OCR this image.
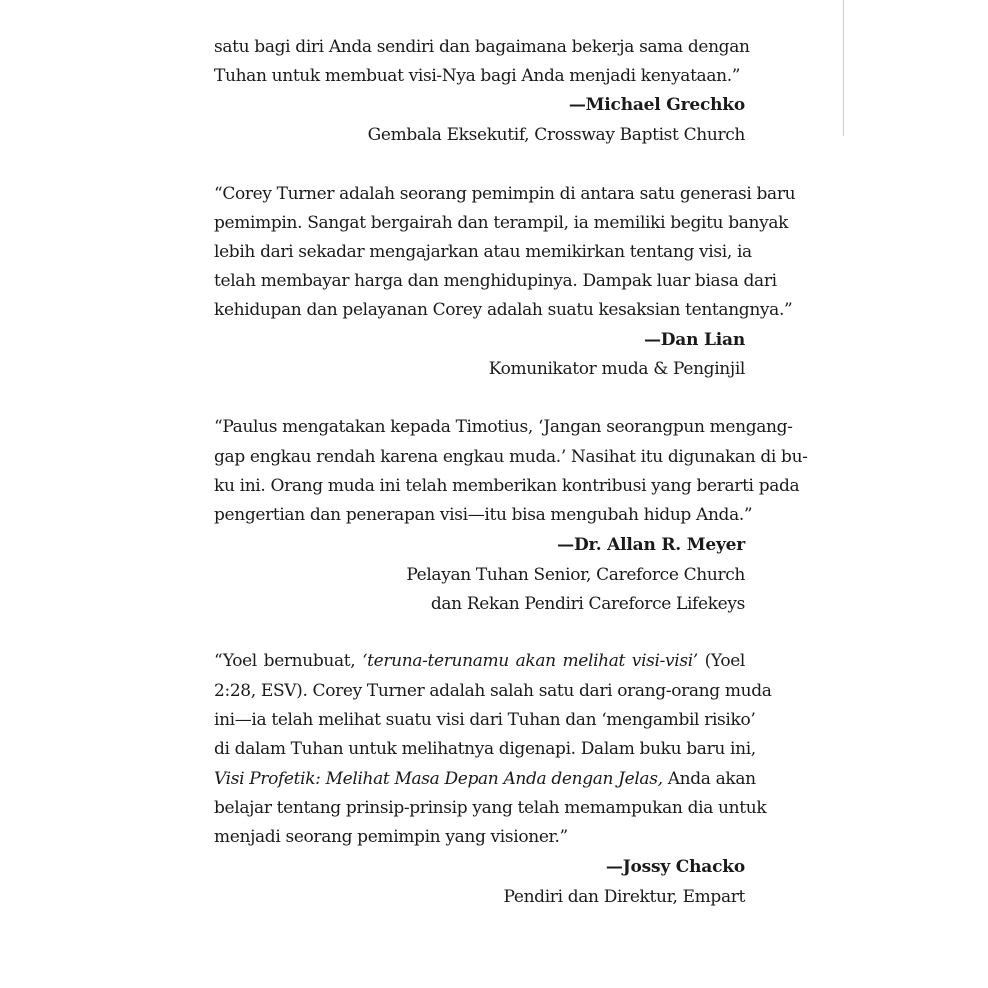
satu bagi diri Anda sendiri dan bagaimana bekerja sama dengan
Tuhan untuk membuat visi-Nya bagi Anda menjadi kenyataan.”
—Michael Grechko
Gembala Eksekutif, Crossway Baptist Church
“Corey Turner adalah seorang pemimpin di antara satu generasi baru
pemimpin. Sangat bergairah dan terampil, ia memiliki begitu banyak
lebih dari sekadar mengajarkan atau memikirkan tentang visi, ia
telah membayar harga dan menghidupinya. Dampak luar biasa dari
kehidupan dan pelayanan Corey adalah suatu kesaksian tentangnya.”
—Dan Lian
Komunikator muda & Penginjil
“Paulus mengatakan kepada Timotius, ‘Jangan seorangpun mengang-
gap engkau rendah karena engkau muda.’ Nasihat itu digunakan di bu-
ku ini. Orang muda ini telah memberikan kontribusi yang berarti pada
pengertian dan penerapan visi—itu bisa mengubah hidup Anda.”
—Dr. Allan R. Meyer
Pelayan Tuhan Senior, Careforce Church
dan Rekan Pendiri Careforce Lifekeys
“Yoel bernubuat, ‘teruna-terunamu akan melihat visi-visi’ (Yoel
2:28, ESV). Corey Turner adalah salah satu dari orang-orang muda
ini—ia telah melihat suatu visi dari Tuhan dan ‘mengambil risiko’
di dalam Tuhan untuk melihatnya digenapi. Dalam buku baru ini,
Visi Profetik: Melihat Masa Depan Anda dengan Jelas, Anda akan
belajar tentang prinsip-prinsip yang telah memampukan dia untuk
menjadi seorang pemimpin yang visioner.”
—Jossy Chacko
Pendiri dan Direktur, Empart
